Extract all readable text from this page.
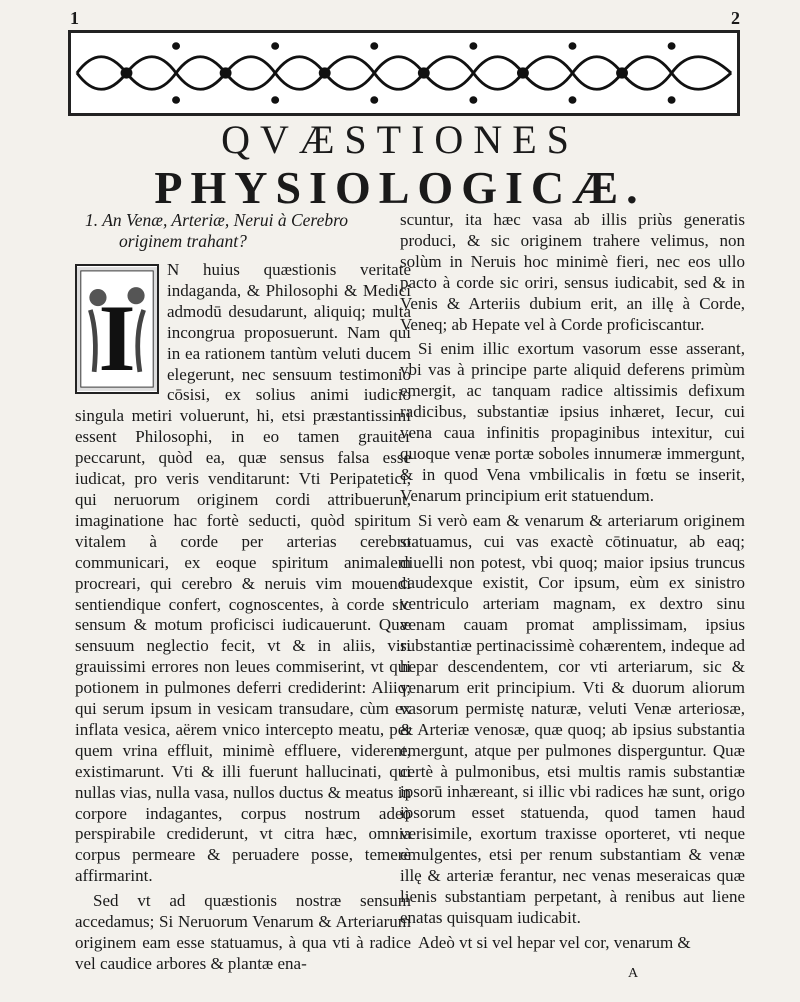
1	2
QVÆSTIONES
PHYSIOLOGICÆ.
1. An Venæ, Arteriæ, Nerui à Cerebro
originem trahant?
I

N huius quæstionis veritate indaganda, & Philosophi & Medici admodū desudarunt, aliquiq; multa incongrua proposuerunt. Nam qui in ea rationem tantùm veluti ducem elegerunt, nec sensuum testimonio cōsisi, ex solius animi iudicio singula metiri voluerunt, hi, etsi præstantissimi essent Philosophi, in eo tamen grauiter peccarunt, quòd ea, quæ sensus falsa esse iudicat, pro veris venditarunt: Vti Peripatetici, qui neruorum originem cordi attribuerunt, imaginatione hac fortè seducti, quòd spiritum vitalem à corde per arterias cerebro communicari, ex eoque spiritum animalem procreari, qui cerebro & neruis vim mouendi sentiendique confert, cognoscentes, à corde sic sensum & motum proficisci iudicauerunt. Quæ sensuum neglectio fecit, vt & in aliis, viri grauissimi errores non leues commiserint, vt qui potionem in pulmones deferri crediderint: Aliiq; qui serum ipsum in vesicam transudare, cùm ex inflata vesica, aërem vnico intercepto meatu, per quem vrina effluit, minimè effluere, viderent, existimarunt. Vti & illi fuerunt hallucinati, qui nullas vias, nulla vasa, nullos ductus & meatus in corpore indagantes, corpus nostrum adeò perspirabile crediderunt, vt citra hæc, omnia corpus permeare & peruadere posse, temerè affirmarint.

Sed vt ad quæstionis nostræ sensum accedamus; Si Neruorum Venarum & Arteriarum originem eam esse statuamus, à qua vti à radice vel caudice arbores & plantæ ena-

scuntur, ita hæc vasa ab illis priùs generatis produci, & sic originem trahere velimus, non solùm in Neruis hoc minimè fieri, nec eos ullo pacto à corde sic oriri, sensus iudicabit, sed & in Venis & Arteriis dubium erit, an illę à Corde, Veneq; ab Hepate vel à Corde proficiscantur.

Si enim illic exortum vasorum esse asserant, vbi vas à principe parte aliquid deferens primùm emergit, ac tanquam radice altissimis defixum radicibus, substantiæ ipsius inhæret, Iecur, cui vena caua infinitis propaginibus intexitur, cui quoque venæ portæ soboles innumeræ immergunt, & in quod Vena vmbilicalis in fœtu se inserit, Venarum principium erit statuendum.

Si verò eam & venarum & arteriarum originem statuamus, cui vas exactè cōtinuatur, ab eaq; diuelli non potest, vbi quoq; maior ipsius truncus caudexque existit, Cor ipsum, eùm ex sinistro ventriculo arteriam magnam, ex dextro sinu venam cauam promat amplissimam, ipsius substantiæ pertinacissimè cohærentem, indeque ad hepar descendentem, cor vti arteriarum, sic & venarum erit principium. Vti & duorum aliorum vasorum permistę naturæ, veluti Venæ arteriosæ, & Arteriæ venosæ, quæ quoq; ab ipsius substantia emergunt, atque per pulmones disperguntur. Quæ certè à pulmonibus, etsi multis ramis substantiæ ipsorū inhæreant, si illic vbi radices hæ sunt, origo ipsorum esset statuenda, quod tamen haud verisimile, exortum traxisse oporteret, vti neque emulgentes, etsi per renum substantiam & venæ illę & arteriæ ferantur, nec venas meseraicas quæ lienis substantiam perpetant, à renibus aut liene enatas quisquam iudicabit.

Adeò vt si vel hepar vel cor, venarum &

A
